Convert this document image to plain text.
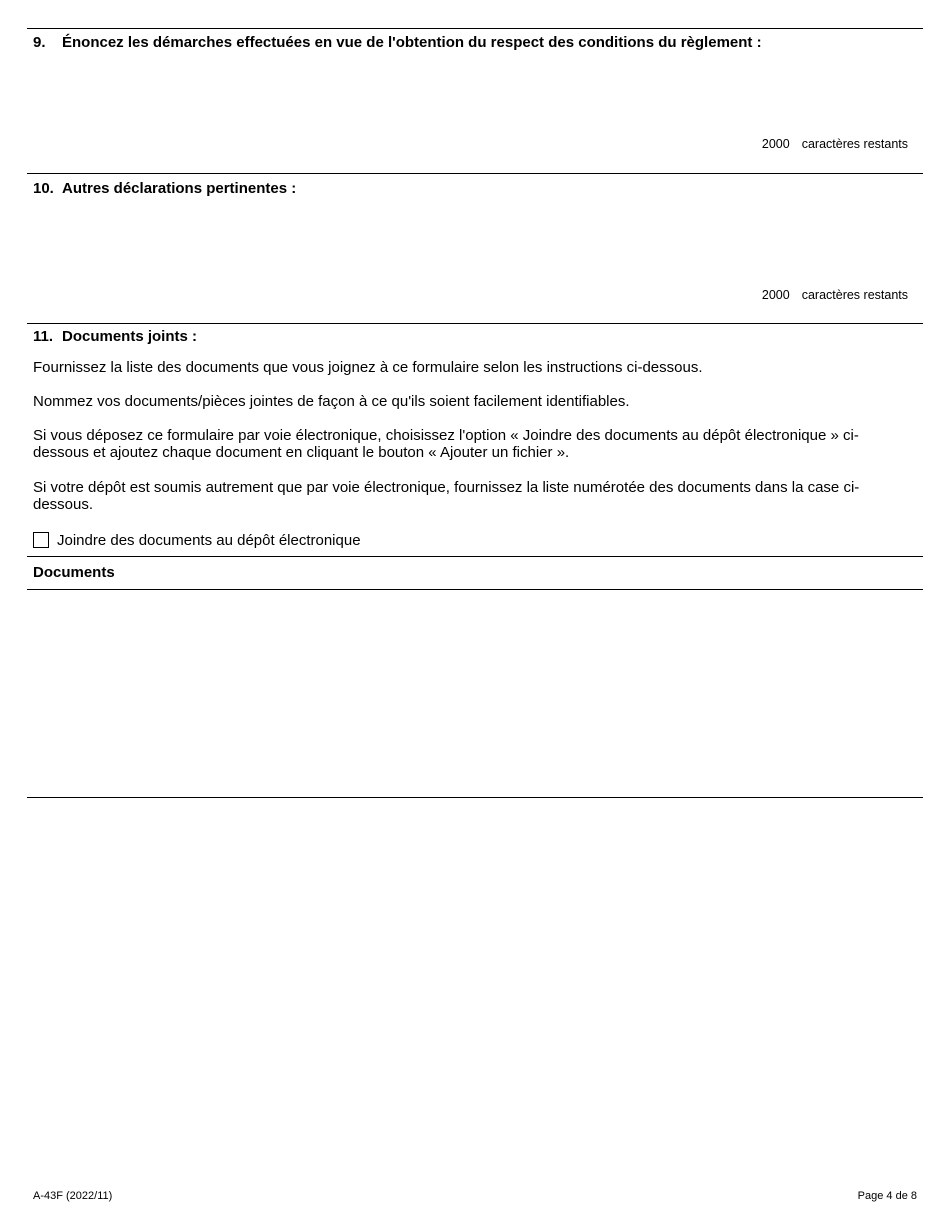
9. Énoncez les démarches effectuées en vue de l'obtention du respect des conditions du règlement :
2000 caractères restants
10. Autres déclarations pertinentes :
2000 caractères restants
11. Documents joints :

Fournissez la liste des documents que vous joignez à ce formulaire selon les instructions ci-dessous.

Nommez vos documents/pièces jointes de façon à ce qu'ils soient facilement identifiables.

Si vous déposez ce formulaire par voie électronique, choisissez l'option « Joindre des documents au dépôt électronique » ci-dessous et ajoutez chaque document en cliquant le bouton « Ajouter un fichier ».

Si votre dépôt est soumis autrement que par voie électronique, fournissez la liste numérotée des documents dans la case ci-dessous.

Joindre des documents au dépôt électronique

Documents

A-43F (2022/11)	Page 4 de 8
